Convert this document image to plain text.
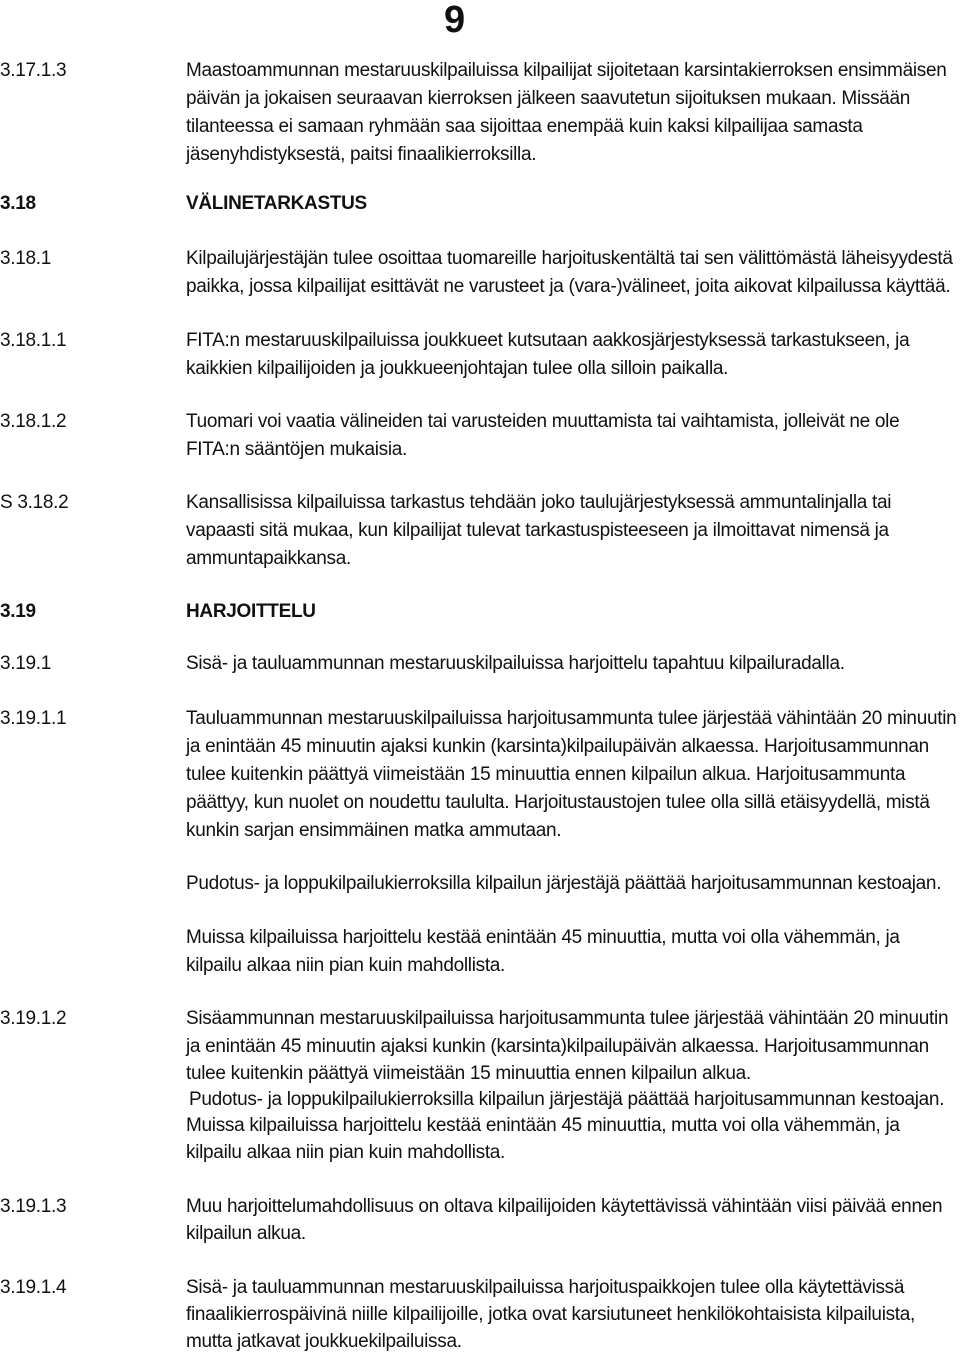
9
3.17.1.3	Maastoammunnan mestaruuskilpailuissa kilpailijat sijoitetaan karsintakierroksen ensimmäisen
päivän ja jokaisen seuraavan kierroksen jälkeen saavutetun sijoituksen mukaan. Missään
tilanteessa ei samaan ryhmään saa sijoittaa enempää kuin kaksi kilpailijaa samasta
jäsenyhdistyksestä, paitsi finaalikierroksilla.
3.18	VÄLINETARKASTUS
3.18.1	Kilpailujärjestäjän tulee osoittaa tuomareille harjoituskentältä tai sen välittömästä läheisyydestä
paikka, jossa kilpailijat esittävät ne varusteet ja (vara-)välineet, joita aikovat kilpailussa käyttää.
3.18.1.1	FITA:n mestaruuskilpailuissa joukkueet kutsutaan aakkosjärjestyksessä tarkastukseen, ja
kaikkien kilpailijoiden ja joukkueenjohtajan tulee olla silloin paikalla.
3.18.1.2	Tuomari voi vaatia välineiden tai varusteiden muuttamista tai vaihtamista, jolleivät ne ole
FITA:n sääntöjen mukaisia.
S 3.18.2	Kansallisissa kilpailuissa tarkastus tehdään joko taulujärjestyksessä ammuntalinjalla tai
vapaasti sitä mukaa, kun kilpailijat tulevat tarkastuspisteeseen ja ilmoittavat nimensä ja
ammuntapaikkansa.
3.19	HARJOITTELU
3.19.1	Sisä- ja tauluammunnan mestaruuskilpailuissa harjoittelu tapahtuu kilpailuradalla.
3.19.1.1	Tauluammunnan mestaruuskilpailuissa harjoitusammunta tulee järjestää vähintään 20 minuutin
ja enintään 45 minuutin ajaksi kunkin (karsinta)kilpailupäivän alkaessa. Harjoitusammunnan
tulee kuitenkin päättyä viimeistään 15 minuuttia ennen kilpailun alkua. Harjoitusammunta
päättyy, kun nuolet on noudettu taululta. Harjoitustaustojen tulee olla sillä etäisyydellä, mistä
kunkin sarjan ensimmäinen matka ammutaan.
Pudotus- ja loppukilpailukierroksilla kilpailun järjestäjä päättää harjoitusammunnan kestoajan.
Muissa kilpailuissa harjoittelu kestää enintään 45 minuuttia, mutta voi olla vähemmän, ja
kilpailu alkaa niin pian kuin mahdollista.
3.19.1.2	Sisäammunnan mestaruuskilpailuissa harjoitusammunta tulee järjestää vähintään 20 minuutin
ja enintään 45 minuutin ajaksi kunkin (karsinta)kilpailupäivän alkaessa. Harjoitusammunnan
tulee kuitenkin päättyä viimeistään 15 minuuttia ennen kilpailun alkua.
Pudotus- ja loppukilpailukierroksilla kilpailun järjestäjä päättää harjoitusammunnan kestoajan.
Muissa kilpailuissa harjoittelu kestää enintään 45 minuuttia, mutta voi olla vähemmän, ja
kilpailu alkaa niin pian kuin mahdollista.
3.19.1.3	Muu harjoittelumahdollisuus on oltava kilpailijoiden käytettävissä vähintään viisi päivää ennen
kilpailun alkua.
3.19.1.4	Sisä- ja tauluammunnan mestaruuskilpailuissa harjoituspaikkojen tulee olla käytettävissä
finaalikierrospäivinä niille kilpailijoille, jotka ovat karsiutuneet henkilökohtaisista kilpailuista,
mutta jatkavat joukkuekilpailuissa.
